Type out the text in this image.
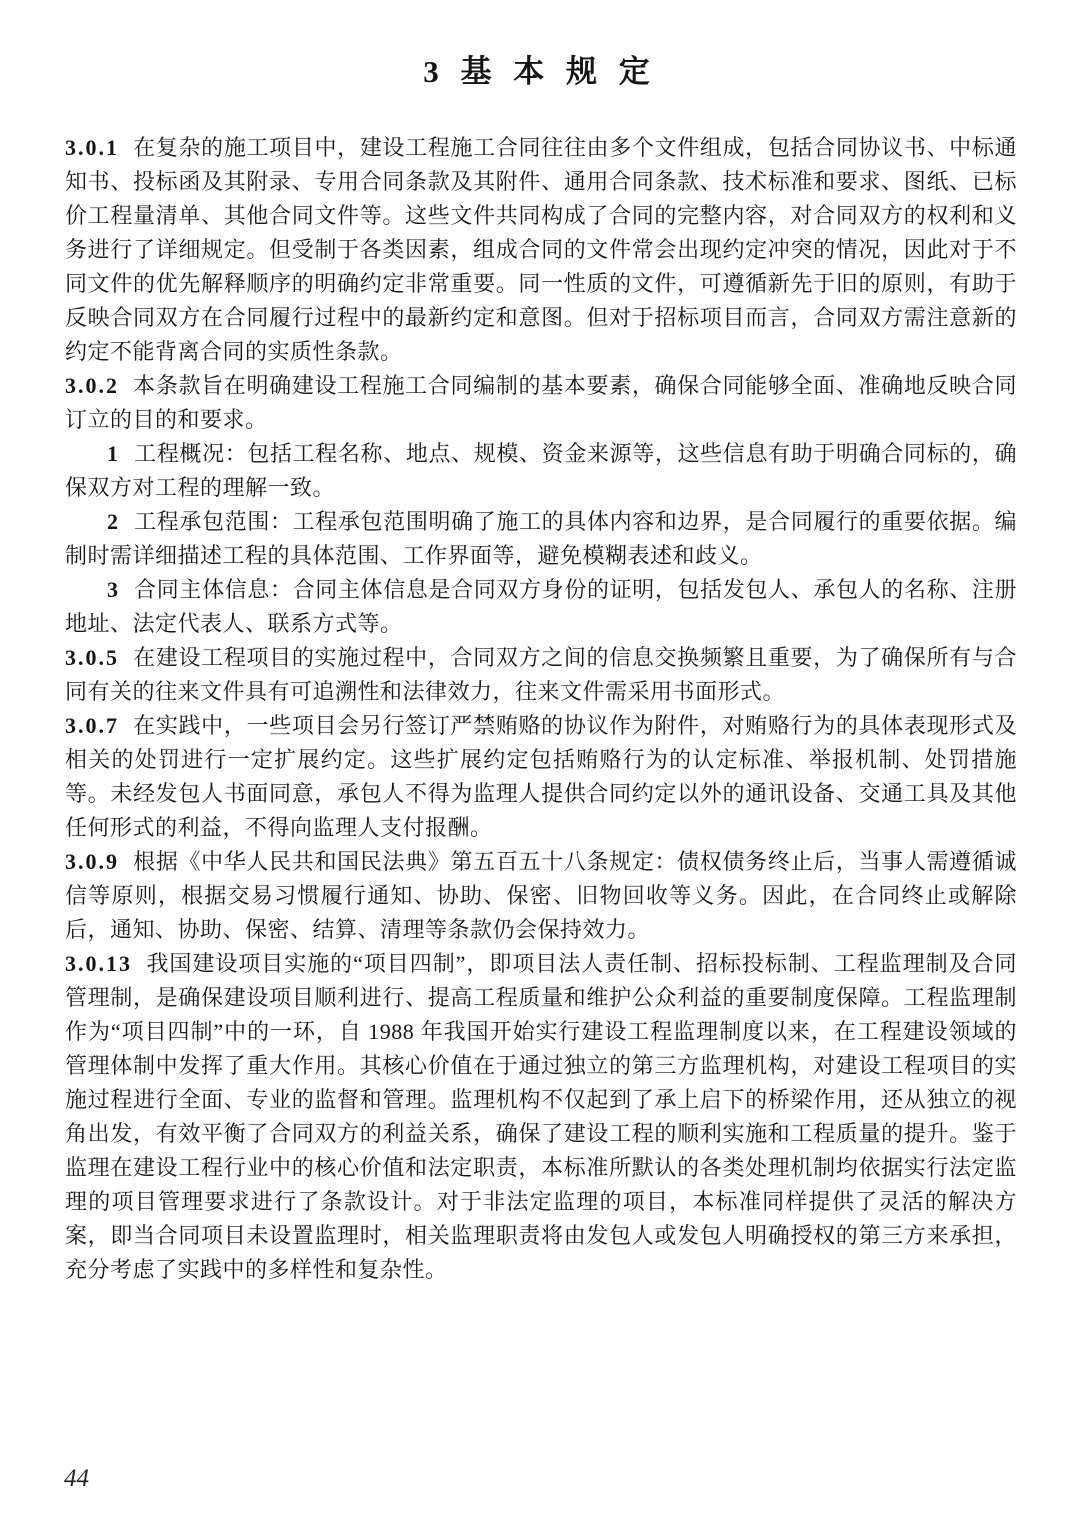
3 基 本 规 定

3.0.1 在复杂的施工项目中，建设工程施工合同往往由多个文件组成，包括合同协议书、中标通知书、投标函及其附录、专用合同条款及其附件、通用合同条款、技术标准和要求、图纸、已标价工程量清单、其他合同文件等。这些文件共同构成了合同的完整内容，对合同双方的权利和义务进行了详细规定。但受制于各类因素，组成合同的文件常会出现约定冲突的情况，因此对于不同文件的优先解释顺序的明确约定非常重要。同一性质的文件，可遵循新先于旧的原则，有助于反映合同双方在合同履行过程中的最新约定和意图。但对于招标项目而言，合同双方需注意新的约定不能背离合同的实质性条款。

3.0.2 本条款旨在明确建设工程施工合同编制的基本要素，确保合同能够全面、准确地反映合同订立的目的和要求。

1 工程概况：包括工程名称、地点、规模、资金来源等，这些信息有助于明确合同标的，确保双方对工程的理解一致。

2 工程承包范围：工程承包范围明确了施工的具体内容和边界，是合同履行的重要依据。编制时需详细描述工程的具体范围、工作界面等，避免模糊表述和歧义。

3 合同主体信息：合同主体信息是合同双方身份的证明，包括发包人、承包人的名称、注册地址、法定代表人、联系方式等。

3.0.5 在建设工程项目的实施过程中，合同双方之间的信息交换频繁且重要，为了确保所有与合同有关的往来文件具有可追溯性和法律效力，往来文件需采用书面形式。

3.0.7 在实践中，一些项目会另行签订严禁贿赂的协议作为附件，对贿赂行为的具体表现形式及相关的处罚进行一定扩展约定。这些扩展约定包括贿赂行为的认定标准、举报机制、处罚措施等。未经发包人书面同意，承包人不得为监理人提供合同约定以外的通讯设备、交通工具及其他任何形式的利益，不得向监理人支付报酬。

3.0.9 根据《中华人民共和国民法典》第五百五十八条规定：债权债务终止后，当事人需遵循诚信等原则，根据交易习惯履行通知、协助、保密、旧物回收等义务。因此，在合同终止或解除后，通知、协助、保密、结算、清理等条款仍会保持效力。

3.0.13 我国建设项目实施的“项目四制”，即项目法人责任制、招标投标制、工程监理制及合同管理制，是确保建设项目顺利进行、提高工程质量和维护公众利益的重要制度保障。工程监理制作为“项目四制”中的一环，自 1988 年我国开始实行建设工程监理制度以来，在工程建设领域的管理体制中发挥了重大作用。其核心价值在于通过独立的第三方监理机构，对建设工程项目的实施过程进行全面、专业的监督和管理。监理机构不仅起到了承上启下的桥梁作用，还从独立的视角出发，有效平衡了合同双方的利益关系，确保了建设工程的顺利实施和工程质量的提升。鉴于监理在建设工程行业中的核心价值和法定职责，本标准所默认的各类处理机制均依据实行法定监理的项目管理要求进行了条款设计。对于非法定监理的项目，本标准同样提供了灵活的解决方案，即当合同项目未设置监理时，相关监理职责将由发包人或发包人明确授权的第三方来承担，充分考虑了实践中的多样性和复杂性。

44
